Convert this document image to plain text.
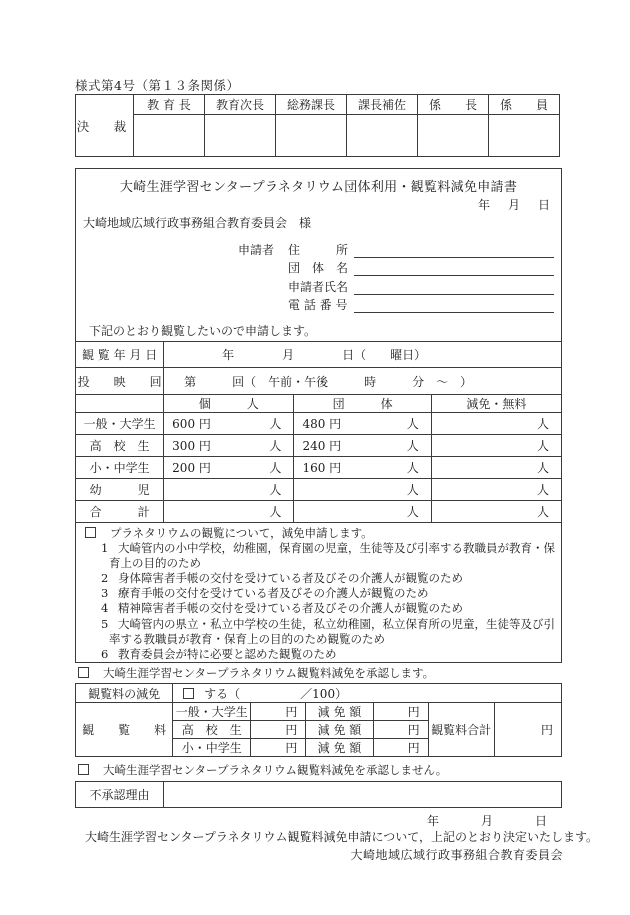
様式第4号（第１３条関係）
決　裁	教 育 長	教育次長	総務課長	課長補佐	係　　長	係　　員

大崎生涯学習センタープラネタリウム団体利用・観覧料減免申請書
年　月　日
大崎地域広域行政事務組合教育委員会　様
申請者	住　　　所
団　体　名
申請者氏名
電 話 番 号
下記のとおり観覧したいので申請します。

観 覧 年 月 日	年　　　　月　　　　日（　　曜日）		
投　　映　　回	第　　　回（　午前・午後　　　時　　　分　～　）		
	個　　　人	団　　　体	減免・無料
一般・大学生	600 円 人	480 円 人	人
高　校　生	300 円 人	240 円 人	人
小・中学生	200 円 人	160 円 人	人
幼　　　児	人	人	人
合　　　計	人	人	人

プラネタリウムの観覧について，減免申請します。
1 大崎管内の小中学校，幼稚園，保育園の児童，生徒等及び引率する教職員が教育・保育上の目的のため
2 身体障害者手帳の交付を受けている者及びその介護人が観覧のため
3 療育手帳の交付を受けている者及びその介護人が観覧のため
4 精神障害者手帳の交付を受けている者及びその介護人が観覧のため
5 大崎管内の県立・私立中学校の生徒，私立幼稚園，私立保育所の児童，生徒等及び引率する教職員が教育・保育上の目的のため観覧のため
6 教育委員会が特に必要と認めた観覧のため
大崎生涯学習センタープラネタリウム観覧料減免を承認します。
観覧料の減免	する（　　　　　／100）					
観　　覧　　料	一般・大学生	円	減 免 額	円	観覧料合計	円
	高　校　生	円	減 免 額	円		
	小・中学生	円	減 免 額	円		
大崎生涯学習センタープラネタリウム観覧料減免を承認しません。
不承認理由	
年　　月　　日
大崎生涯学習センタープラネタリウム観覧料減免申請について，上記のとおり決定いたします。
大崎地域広域行政事務組合教育委員会
